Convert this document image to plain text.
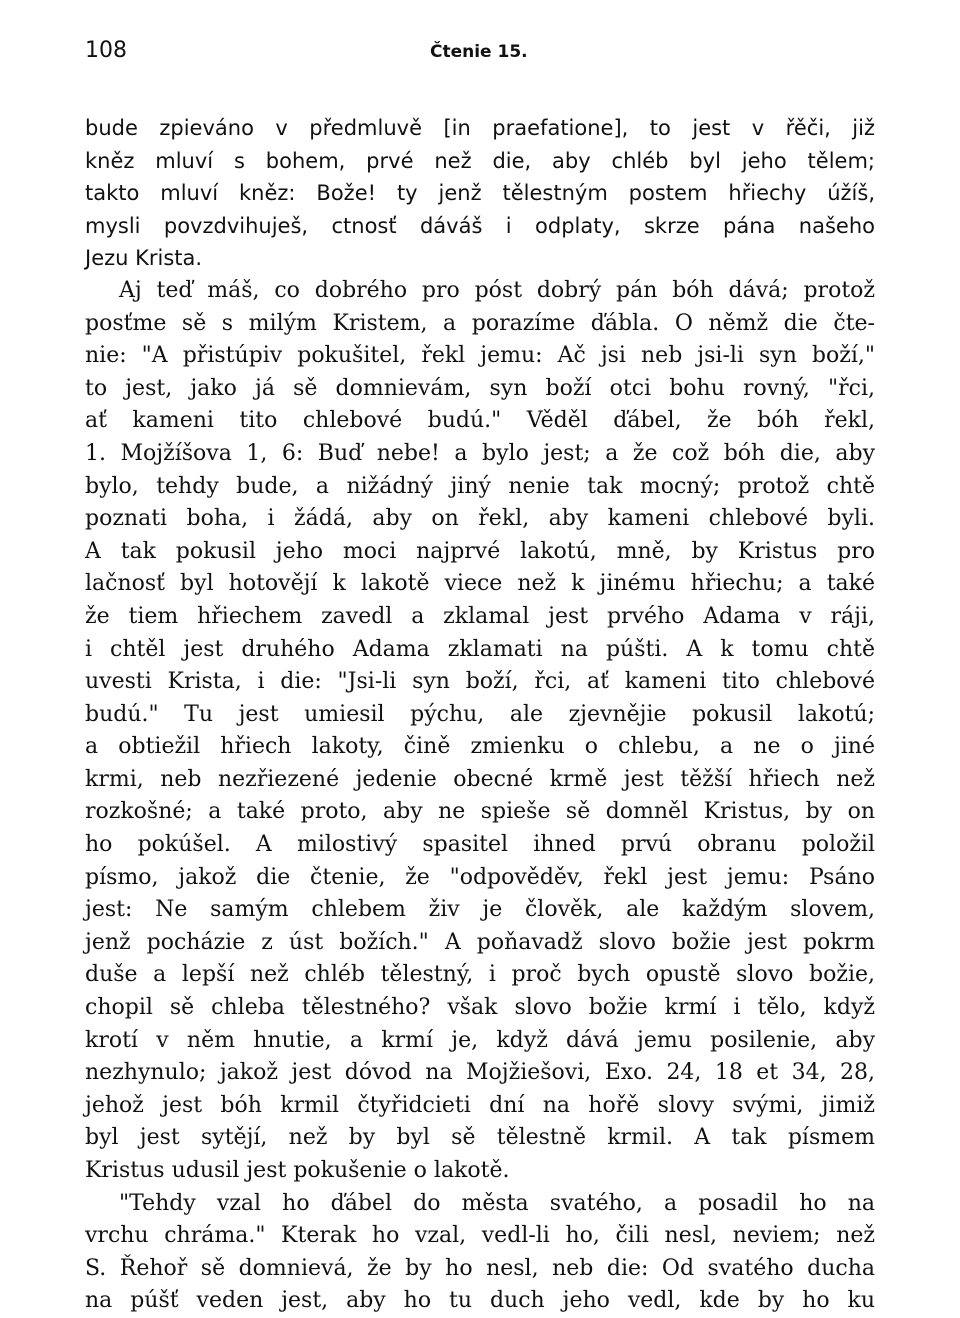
108	Čtenie 15.
bude zpieváno v předmluvě [in praefatione], to jest v řěči, již
kněz mluví s bohem, prvé než die, aby chléb byl jeho tělem;
takto mluví kněz: Bože! ty jenž tělestným postem hřiechy úžíš,
mysli povzdvihuješ, ctnosť dáváš i odplaty, skrze pána našeho
Jezu Krista.
Aj teď máš, co dobrého pro póst dobrý pán bóh dává; protož
posťme sě s milým Kristem, a porazíme ďábla. O němž die čte-
nie: "A přistúpiv pokušitel, řekl jemu: Ač jsi neb jsi-li syn boží,"
to jest, jako já sě domnievám, syn boží otci bohu rovný, "řci,
ať kameni tito chlebové budú." Věděl ďábel, že bóh řekl,
1. Mojžíšova 1, 6: Buď nebe! a bylo jest; a že což bóh die, aby
bylo, tehdy bude, a nižádný jiný nenie tak mocný; protož chtě
poznati boha, i žádá, aby on řekl, aby kameni chlebové byli.
A tak pokusil jeho moci najprvé lakotú, mně, by Kristus pro
lačnosť byl hotovějí k lakotě viece než k jinému hřiechu; a také
že tiem hřiechem zavedl a zklamal jest prvého Adama v ráji,
i chtěl jest druhého Adama zklamati na púšti. A k tomu chtě
uvesti Krista, i die: "Jsi-li syn boží, řci, ať kameni tito chlebové
budú." Tu jest umiesil pýchu, ale zjevnějie pokusil lakotú;
a obtiežil hřiech lakoty, čině zmienku o chlebu, a ne o jiné
krmi, neb nezřiezené jedenie obecné krmě jest těžší hřiech než
rozkošné; a také proto, aby ne spieše sě domněl Kristus, by on
ho pokúšel. A milostivý spasitel ihned prvú obranu položil
písmo, jakož die čtenie, že "odpověděv, řekl jest jemu: Psáno
jest: Ne samým chlebem živ je člověk, ale každým slovem,
jenž pocházie z úst božích." A poňavadž slovo božie jest pokrm
duše a lepší než chléb tělestný, i proč bych opustě slovo božie,
chopil sě chleba tělestného? však slovo božie krmí i tělo, když
krotí v něm hnutie, a krmí je, když dává jemu posilenie, aby
nezhynulo; jakož jest dóvod na Mojžiešovi, Exo. 24, 18 et 34, 28,
jehož jest bóh krmil čtyřidcieti dní na hořě slovy svými, jimiž
byl jest sytějí, než by byl sě tělestně krmil. A tak písmem
Kristus udusil jest pokušenie o lakotě.
"Tehdy vzal ho ďábel do města svatého, a posadil ho na
vrchu chráma." Kterak ho vzal, vedl-li ho, čili nesl, neviem; než
S. Řehoř sě domnievá, že by ho nesl, neb die: Od svatého ducha
na púšť veden jest, aby ho tu duch jeho vedl, kde by ho ku
